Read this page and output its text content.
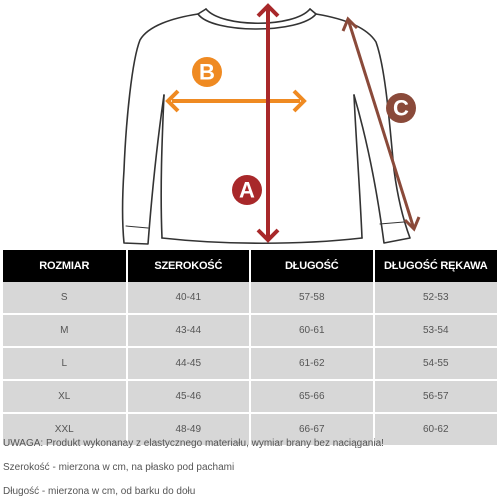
B
A
C
ROZMIAR	SZEROKOŚĆ	DŁUGOŚĆ	DŁUGOŚĆ RĘKAWA
S	40-41	57-58	52-53
M	43-44	60-61	53-54
L	44-45	61-62	54-55
XL	45-46	65-66	56-57
XXL	48-49	66-67	60-62
UWAGA: Produkt wykonanay z elastycznego materiału, wymiar brany bez naciągania!
Szerokość - mierzona w cm, na płasko pod pachami
Długość - mierzona w cm, od barku do dołu
